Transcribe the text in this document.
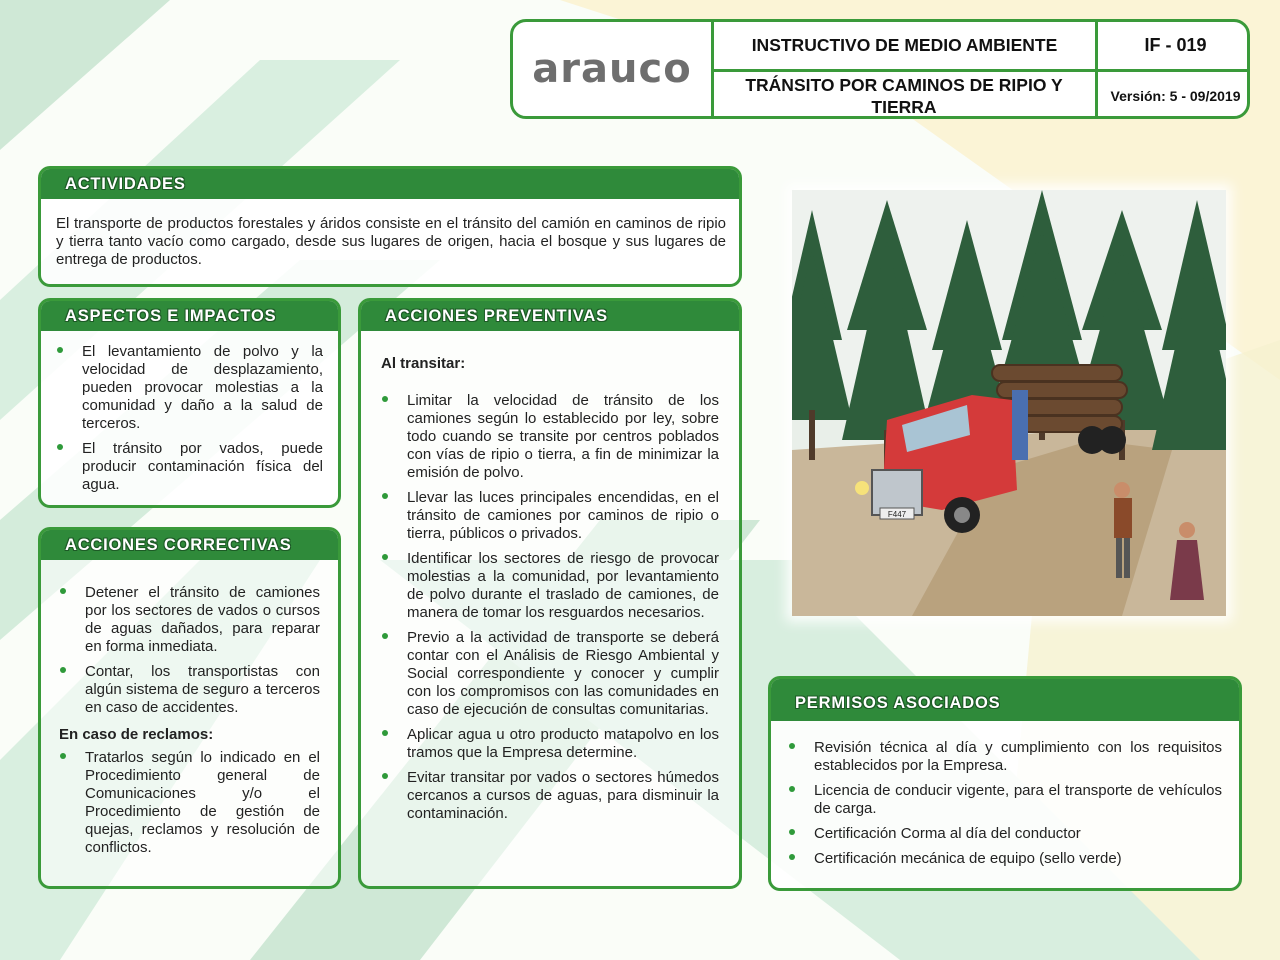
arauco
INSTRUCTIVO DE MEDIO AMBIENTE	IF - 019
TRÁNSITO POR CAMINOS DE RIPIO Y TIERRA
Versión: 5 - 09/2019
ACTIVIDADES
El transporte de productos forestales y áridos consiste en el tránsito del camión en caminos de ripio y tierra tanto vacío como cargado, desde sus lugares de origen, hacia el bosque y sus lugares de entrega de productos.
ASPECTOS E IMPACTOS
El levantamiento de polvo y la velocidad de desplazamiento, pueden provocar molestias a la comunidad y daño a la salud de terceros.
El tránsito por vados, puede producir contaminación física del agua.
ACCIONES CORRECTIVAS
Detener el tránsito de camiones por los sectores de vados o cursos de aguas dañados, para reparar en forma inmediata.
Contar, los transportistas con algún sistema de seguro a terceros en caso de accidentes.
En caso de reclamos:
Tratarlos según lo indicado en el Procedimiento general de Comunicaciones y/o el Procedimiento de gestión de quejas, reclamos y resolución de conflictos.
ACCIONES PREVENTIVAS
Al transitar:
Limitar la velocidad de tránsito de los camiones según lo establecido por ley, sobre todo cuando se transite por centros poblados con vías de ripio o tierra, a fin de minimizar la emisión de polvo.
Llevar las luces principales encendidas, en el tránsito de camiones por caminos de ripio o tierra, públicos o privados.
Identificar los sectores de riesgo de provocar molestias a la comunidad, por levantamiento de polvo durante el traslado de camiones, de manera de tomar los resguardos necesarios.
Previo a la actividad de transporte se deberá contar con el Análisis de Riesgo Ambiental y Social correspondiente y conocer y cumplir con los compromisos con las comunidades en caso de ejecución de consultas comunitarias.
Aplicar agua u otro producto matapolvo en los tramos que la Empresa determine.
Evitar transitar por vados o sectores húmedos cercanos a cursos de aguas, para disminuir la contaminación.
F447
PERMISOS ASOCIADOS
Revisión técnica al día y cumplimiento con los requisitos establecidos por la Empresa.
Licencia de conducir vigente, para el transporte de vehículos de carga.
Certificación Corma al día del conductor
Certificación mecánica de equipo (sello verde)
